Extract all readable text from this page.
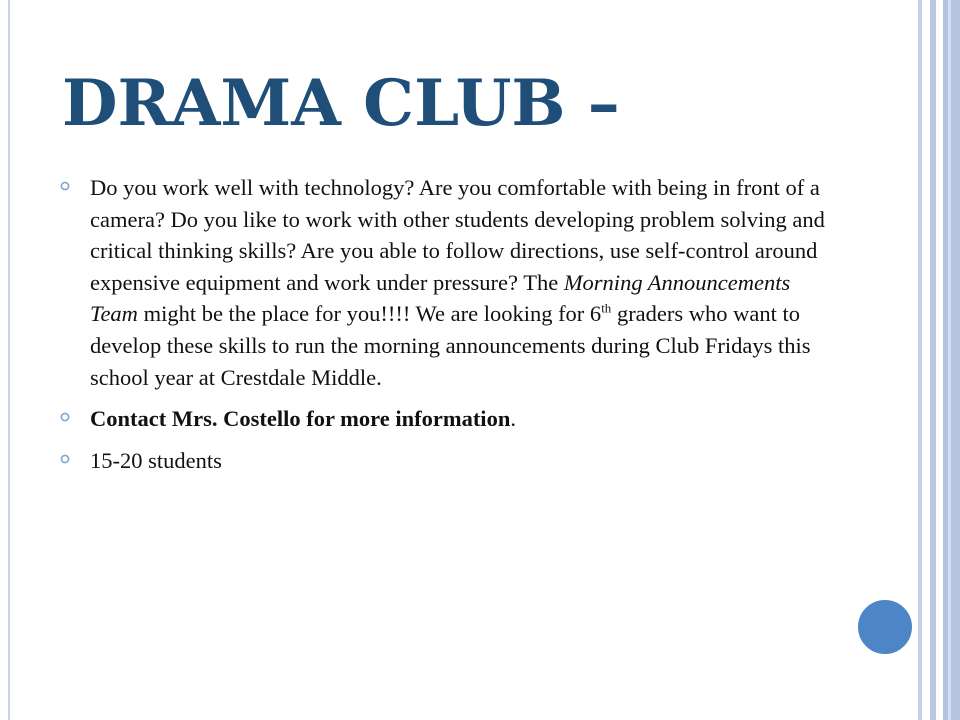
DRAMA CLUB –
Do you work well with technology? Are you comfortable with being in front of a camera? Do you like to work with other students developing problem solving and critical thinking skills? Are you able to follow directions, use self-control around expensive equipment and work under pressure? The Morning Announcements Team might be the place for you!!!! We are looking for 6th graders who want to develop these skills to run the morning announcements during Club Fridays this school year at Crestdale Middle.
Contact Mrs. Costello for more information.
15-20 students
